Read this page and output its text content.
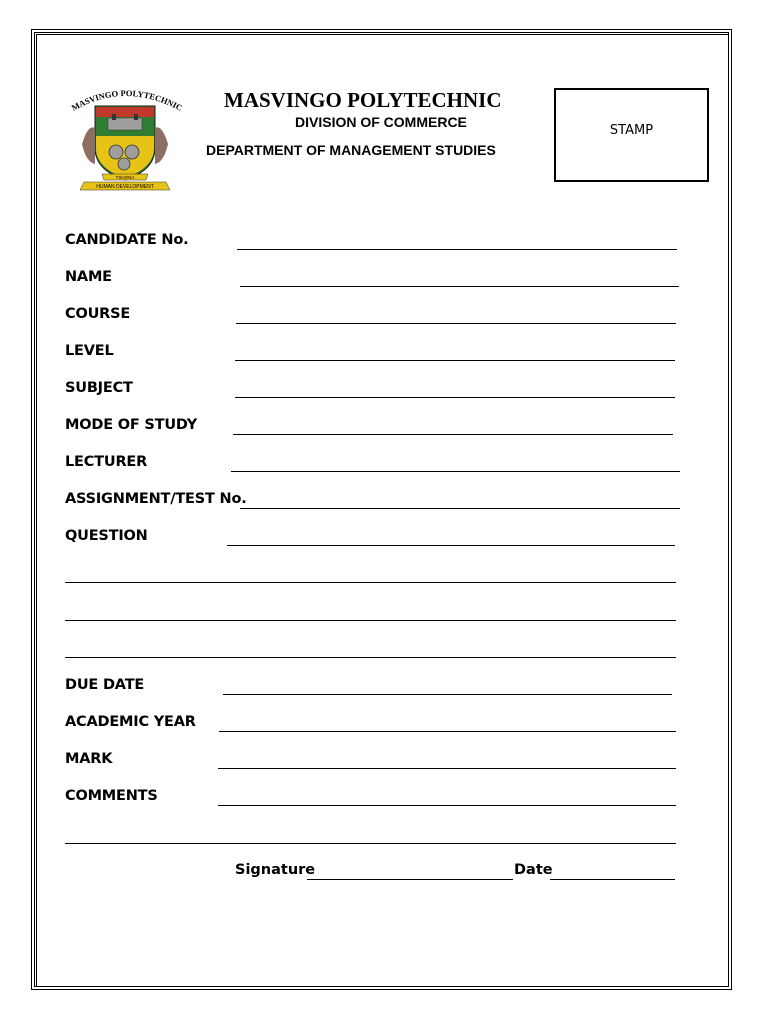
MASVINGO POLYTECHNIC
TSHONA
HUMAN DEVELOPMENT
MASVINGO POLYTECHNIC
DIVISION OF COMMERCE
DEPARTMENT OF MANAGEMENT STUDIES
STAMP
CANDIDATE No.
NAME
COURSE
LEVEL
SUBJECT
MODE OF STUDY
LECTURER
ASSIGNMENT/TEST No.
QUESTION
DUE DATE
ACADEMIC YEAR
MARK
COMMENTS
Signature	Date
